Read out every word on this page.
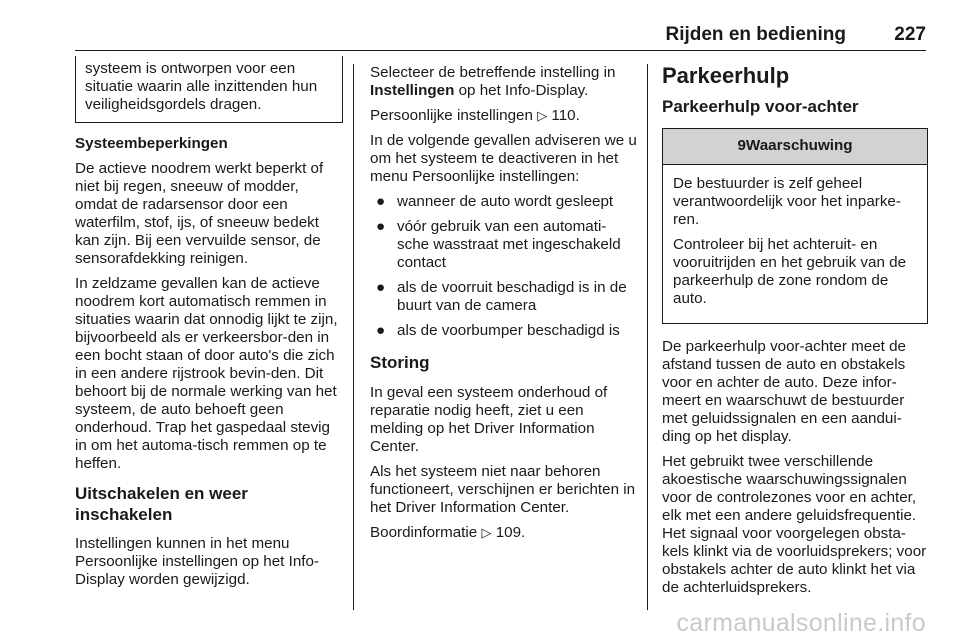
Rijden en bediening	227

systeem is ontworpen voor een situatie waarin alle inzittenden hun veiligheidsgordels dragen.

Systeembeperkingen

De actieve noodrem werkt beperkt of niet bij regen, sneeuw of modder, omdat de radarsensor door een waterfilm, stof, ijs, of sneeuw bedekt kan zijn. Bij een vervuilde sensor, de sensorafdekking reinigen.

In zeldzame gevallen kan de actieve noodrem kort automatisch remmen in situaties waarin dat onnodig lijkt te zijn, bijvoorbeeld als er verkeersbor-den in een bocht staan of door auto's die zich in een andere rijstrook bevin-den. Dit behoort bij de normale werking van het systeem, de auto behoeft geen onderhoud. Trap het gaspedaal stevig in om het automa-tisch remmen op te heffen.

Uitschakelen en weer inschakelen

Instellingen kunnen in het menu Persoonlijke instellingen op het Info-Display worden gewijzigd.

Selecteer de betreffende instelling in Instellingen op het Info-Display.

Persoonlijke instellingen ▷ 110.

In de volgende gevallen adviseren we u om het systeem te deactiveren in het menu Persoonlijke instellingen:

● wanneer de auto wordt gesleept
● vóór gebruik van een automati-sche wasstraat met ingeschakeld contact
● als de voorruit beschadigd is in de buurt van de camera
● als de voorbumper beschadigd is
Storing

In geval een systeem onderhoud of reparatie nodig heeft, ziet u een melding op het Driver Information Center.

Als het systeem niet naar behoren functioneert, verschijnen er berichten in het Driver Information Center.

Boordinformatie ▷ 109.

Parkeerhulp
Parkeerhulp voor-achter
9Waarschuwing

De bestuurder is zelf geheel verantwoordelijk voor het inparke-ren.

Controleer bij het achteruit- en vooruitrijden en het gebruik van de parkeerhulp de zone rondom de auto.

De parkeerhulp voor-achter meet de afstand tussen de auto en obstakels voor en achter de auto. Deze infor-meert en waarschuwt de bestuurder met geluidssignalen en een aandui-ding op het display.

Het gebruikt twee verschillende akoestische waarschuwingssignalen voor de controlezones voor en achter, elk met een andere geluidsfrequentie. Het signaal voor voorgelegen obsta-kels klinkt via de voorluidsprekers; voor obstakels achter de auto klinkt het via de achterluidsprekers.

carmanualsonline.info
